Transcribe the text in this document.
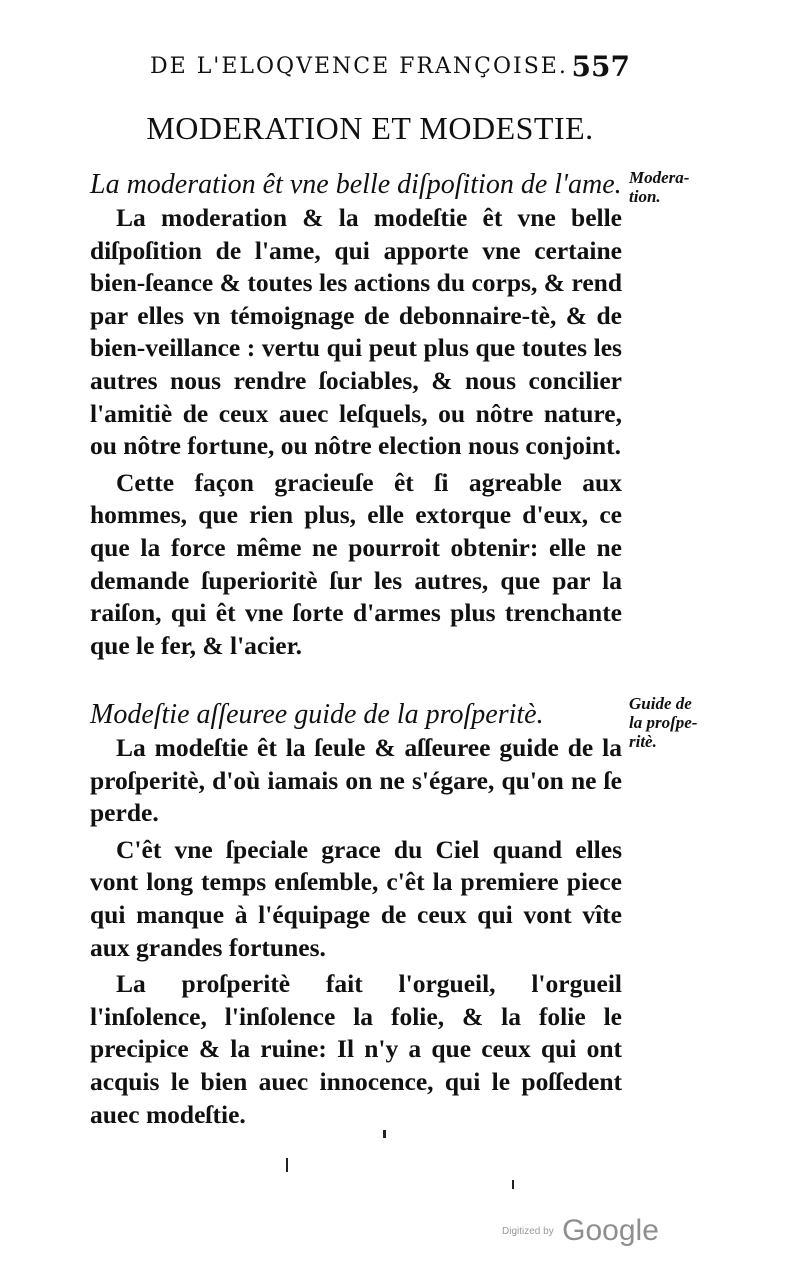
DE L'ELOQVENCE FRANÇOISE. 557
MODERATION ET MODESTIE.

La moderation êt vne belle diſpoſition de l'ame.

La moderation & la modeſtie êt vne belle diſpoſition de l'ame, qui apporte vne certaine bien-ſeance & toutes les actions du corps, & rend par elles vn témoignage de debonnaire-tè, & de bien-veillance : vertu qui peut plus que toutes les autres nous rendre ſociables, & nous concilier l'amitiè de ceux auec leſquels, ou nôtre nature, ou nôtre fortune, ou nôtre election nous conjoint.

Cette façon gracieuſe êt ſi agreable aux hommes, que rien plus, elle extorque d'eux, ce que la force même ne pourroit obtenir: elle ne demande ſuperioritè ſur les autres, que par la raiſon, qui êt vne ſorte d'armes plus trenchante que le fer, & l'acier.

Modera-tion.

Modeſtie aſſeuree guide de la proſperitè.

La modeſtie êt la ſeule & aſſeuree guide de la proſperitè, d'où iamais on ne s'égare, qu'on ne ſe perde.

C'êt vne ſpeciale grace du Ciel quand elles vont long temps enſemble, c'êt la premiere piece qui manque à l'équipage de ceux qui vont vîte aux grandes fortunes.

La proſperitè fait l'orgueil, l'orgueil l'inſolence, l'inſolence la folie, & la folie le precipice & la ruine: Il n'y a que ceux qui ont acquis le bien auec innocence, qui le poſſedent auec modeſtie.

Guide de la proſpe-ritè.
Digitized by Google
